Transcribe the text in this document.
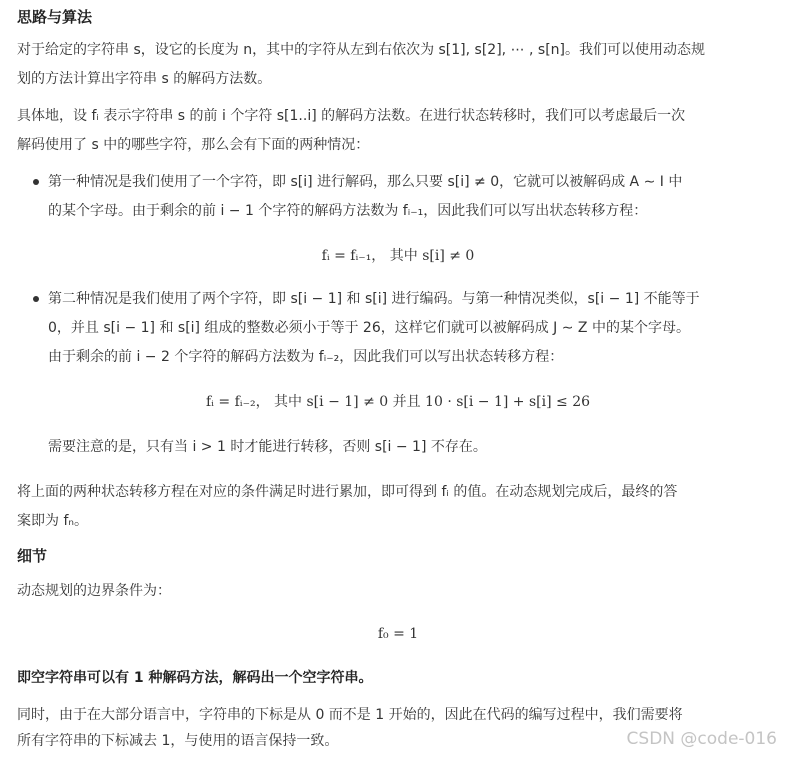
思路与算法

对于给定的字符串 s，设它的长度为 n，其中的字符从左到右依次为 s[1], s[2], ⋯ , s[n]。我们可以使用动态规

划的方法计算出字符串 s 的解码方法数。

具体地，设 fᵢ 表示字符串 s 的前 i 个字符 s[1..i] 的解码方法数。在进行状态转移时，我们可以考虑最后一次

解码使用了 s 中的哪些字符，那么会有下面的两种情况：

第一种情况是我们使用了一个字符，即 s[i] 进行解码，那么只要 s[i] ≠ 0，它就可以被解码成 A ∼ I 中
的某个字母。由于剩余的前 i − 1 个字符的解码方法数为 fᵢ₋₁，因此我们可以写出状态转移方程：
fᵢ = fᵢ₋₁， 其中 s[i] ≠ 0
第二种情况是我们使用了两个字符，即 s[i − 1] 和 s[i] 进行编码。与第一种情况类似，s[i − 1] 不能等于
0，并且 s[i − 1] 和 s[i] 组成的整数必须小于等于 26，这样它们就可以被解码成 J ∼ Z 中的某个字母。
由于剩余的前 i − 2 个字符的解码方法数为 fᵢ₋₂，因此我们可以写出状态转移方程：
fᵢ = fᵢ₋₂， 其中 s[i − 1] ≠ 0 并且 10 · s[i − 1] + s[i] ≤ 26
需要注意的是，只有当 i > 1 时才能进行转移，否则 s[i − 1] 不存在。

将上面的两种状态转移方程在对应的条件满足时进行累加，即可得到 fᵢ 的值。在动态规划完成后，最终的答

案即为 fₙ。

细节

动态规划的边界条件为：

f₀ = 1

即空字符串可以有 1 种解码方法，解码出一个空字符串。

同时，由于在大部分语言中，字符串的下标是从 0 而不是 1 开始的，因此在代码的编写过程中，我们需要将

所有字符串的下标减去 1，与使用的语言保持一致。	CSDN @code-016
